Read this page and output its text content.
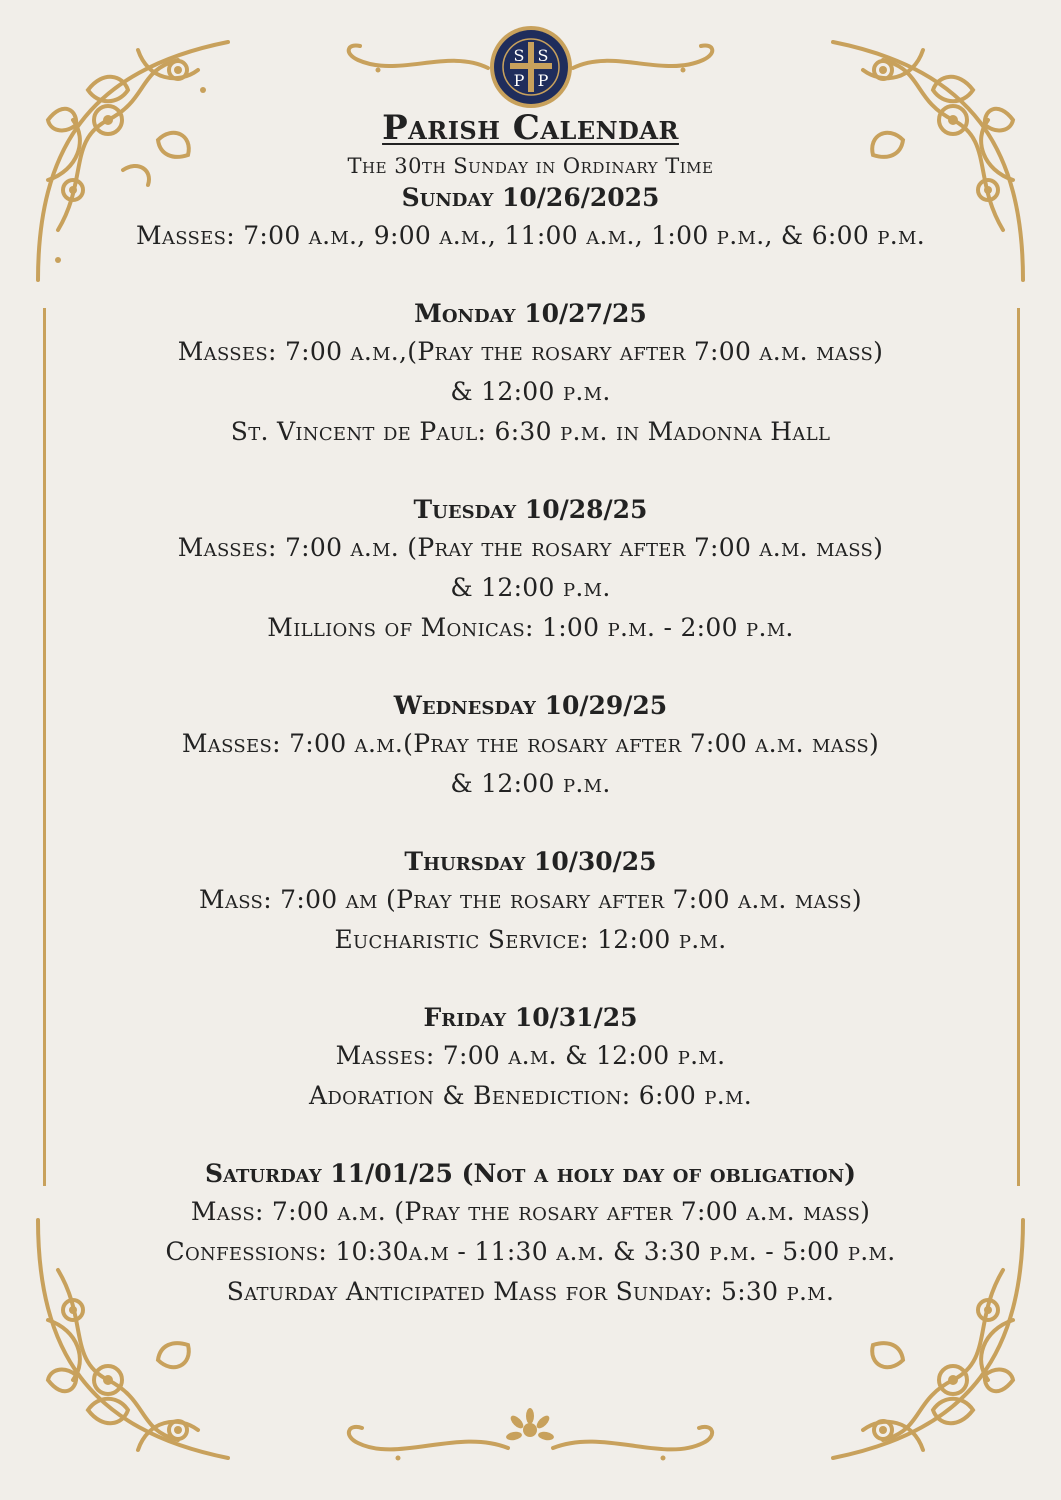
S S
P P
Parish Calendar

The 30th Sunday in Ordinary Time

Sunday 10/26/2025

Masses: 7:00 a.m., 9:00 a.m., 11:00 a.m., 1:00 p.m., & 6:00 p.m.

Monday 10/27/25

Masses: 7:00 a.m.,(Pray the rosary after 7:00 a.m. mass)

& 12:00 p.m.

St. Vincent de Paul: 6:30 p.m. in Madonna Hall

Tuesday 10/28/25

Masses: 7:00 a.m. (Pray the rosary after 7:00 a.m. mass)

& 12:00 p.m.

Millions of Monicas: 1:00 p.m. - 2:00 p.m.

Wednesday 10/29/25

Masses: 7:00 a.m.(Pray the rosary after 7:00 a.m. mass)

& 12:00 p.m.

Thursday 10/30/25

Mass: 7:00 am (Pray the rosary after 7:00 a.m. mass)

Eucharistic Service: 12:00 p.m.

Friday 10/31/25

Masses: 7:00 a.m. & 12:00 p.m.

Adoration & Benediction: 6:00 p.m.

Saturday 11/01/25 (Not a holy day of obligation)

Mass: 7:00 a.m. (Pray the rosary after 7:00 a.m. mass)

Confessions: 10:30a.m - 11:30 a.m. & 3:30 p.m. - 5:00 p.m.

Saturday Anticipated Mass for Sunday: 5:30 p.m.
